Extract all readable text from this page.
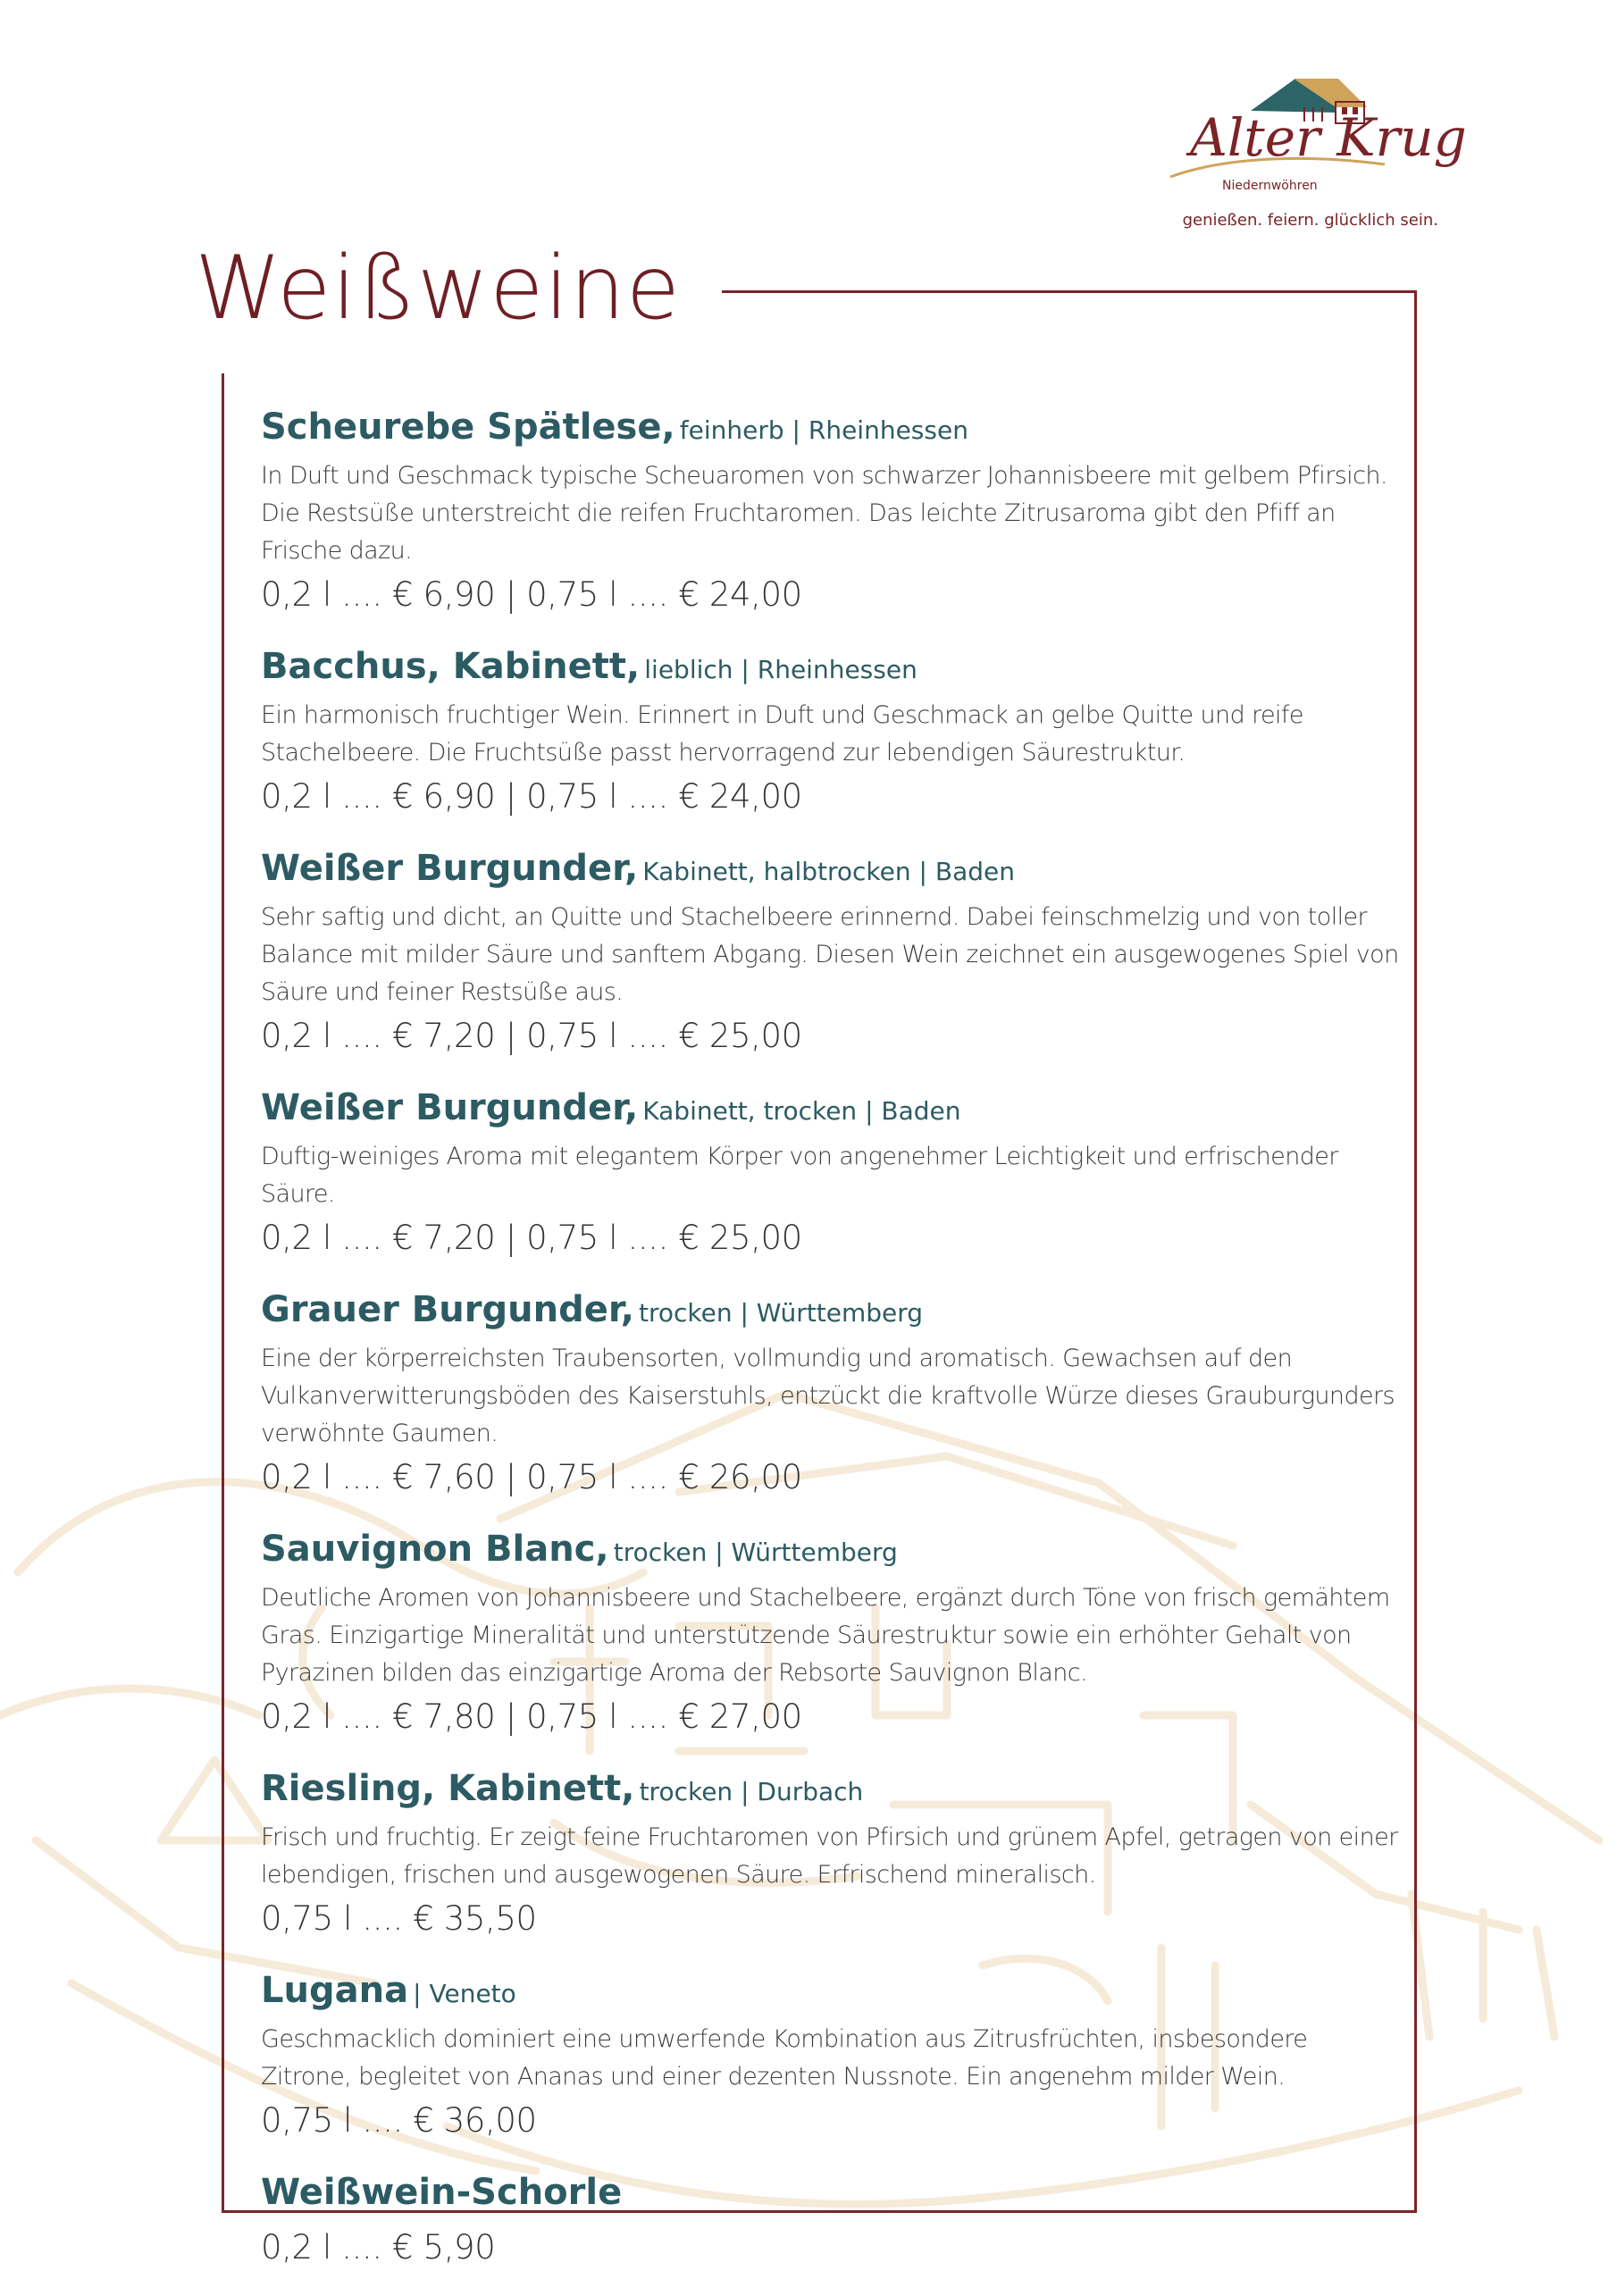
Alter Krug
Niedernwöhren
genießen. feiern. glücklich sein.
Weißweine
Scheurebe Spätlese, feinherb | Rheinhessen
In Duft und Geschmack typische Scheuaromen von schwarzer Johannisbeere mit gelbem Pfirsich. Die Restsüße unterstreicht die reifen Fruchtaromen. Das leichte Zitrusaroma gibt den Pfiff an Frische dazu.
0,2 l .... € 6,90 | 0,75 l .... € 24,00
Bacchus, Kabinett, lieblich | Rheinhessen
Ein harmonisch fruchtiger Wein. Erinnert in Duft und Geschmack an gelbe Quitte und reife Stachelbeere. Die Fruchtsüße passt hervorragend zur lebendigen Säurestruktur.
0,2 l .... € 6,90 | 0,75 l .... € 24,00
Weißer Burgunder, Kabinett, halbtrocken | Baden
Sehr saftig und dicht, an Quitte und Stachelbeere erinnernd. Dabei feinschmelzig und von toller Balance mit milder Säure und sanftem Abgang. Diesen Wein zeichnet ein ausgewogenes Spiel von Säure und feiner Restsüße aus.
0,2 l .... € 7,20 | 0,75 l .... € 25,00
Weißer Burgunder, Kabinett, trocken | Baden
Duftig-weiniges Aroma mit elegantem Körper von angenehmer Leichtigkeit und erfrischender Säure.
0,2 l .... € 7,20 | 0,75 l .... € 25,00
Grauer Burgunder, trocken | Württemberg
Eine der körperreichsten Traubensorten, vollmundig und aromatisch. Gewachsen auf den Vulkanverwitterungsböden des Kaiserstuhls, entzückt die kraftvolle Würze dieses Grauburgunders verwöhnte Gaumen.
0,2 l .... € 7,60 | 0,75 l .... € 26,00
Sauvignon Blanc, trocken | Württemberg
Deutliche Aromen von Johannisbeere und Stachelbeere, ergänzt durch Töne von frisch gemähtem Gras. Einzigartige Mineralität und unterstützende Säurestruktur sowie ein erhöhter Gehalt von Pyrazinen bilden das einzigartige Aroma der Rebsorte Sauvignon Blanc.
0,2 l .... € 7,80 | 0,75 l .... € 27,00
Riesling, Kabinett, trocken | Durbach
Frisch und fruchtig. Er zeigt feine Fruchtaromen von Pfirsich und grünem Apfel, getragen von einer lebendigen, frischen und ausgewogenen Säure. Erfrischend mineralisch.
0,75 l .... € 35,50
Lugana | Veneto
Geschmacklich dominiert eine umwerfende Kombination aus Zitrusfrüchten, insbesondere Zitrone, begleitet von Ananas und einer dezenten Nussnote. Ein angenehm milder Wein.
0,75 l .... € 36,00
Weißwein-Schorle
0,2 l .... € 5,90
